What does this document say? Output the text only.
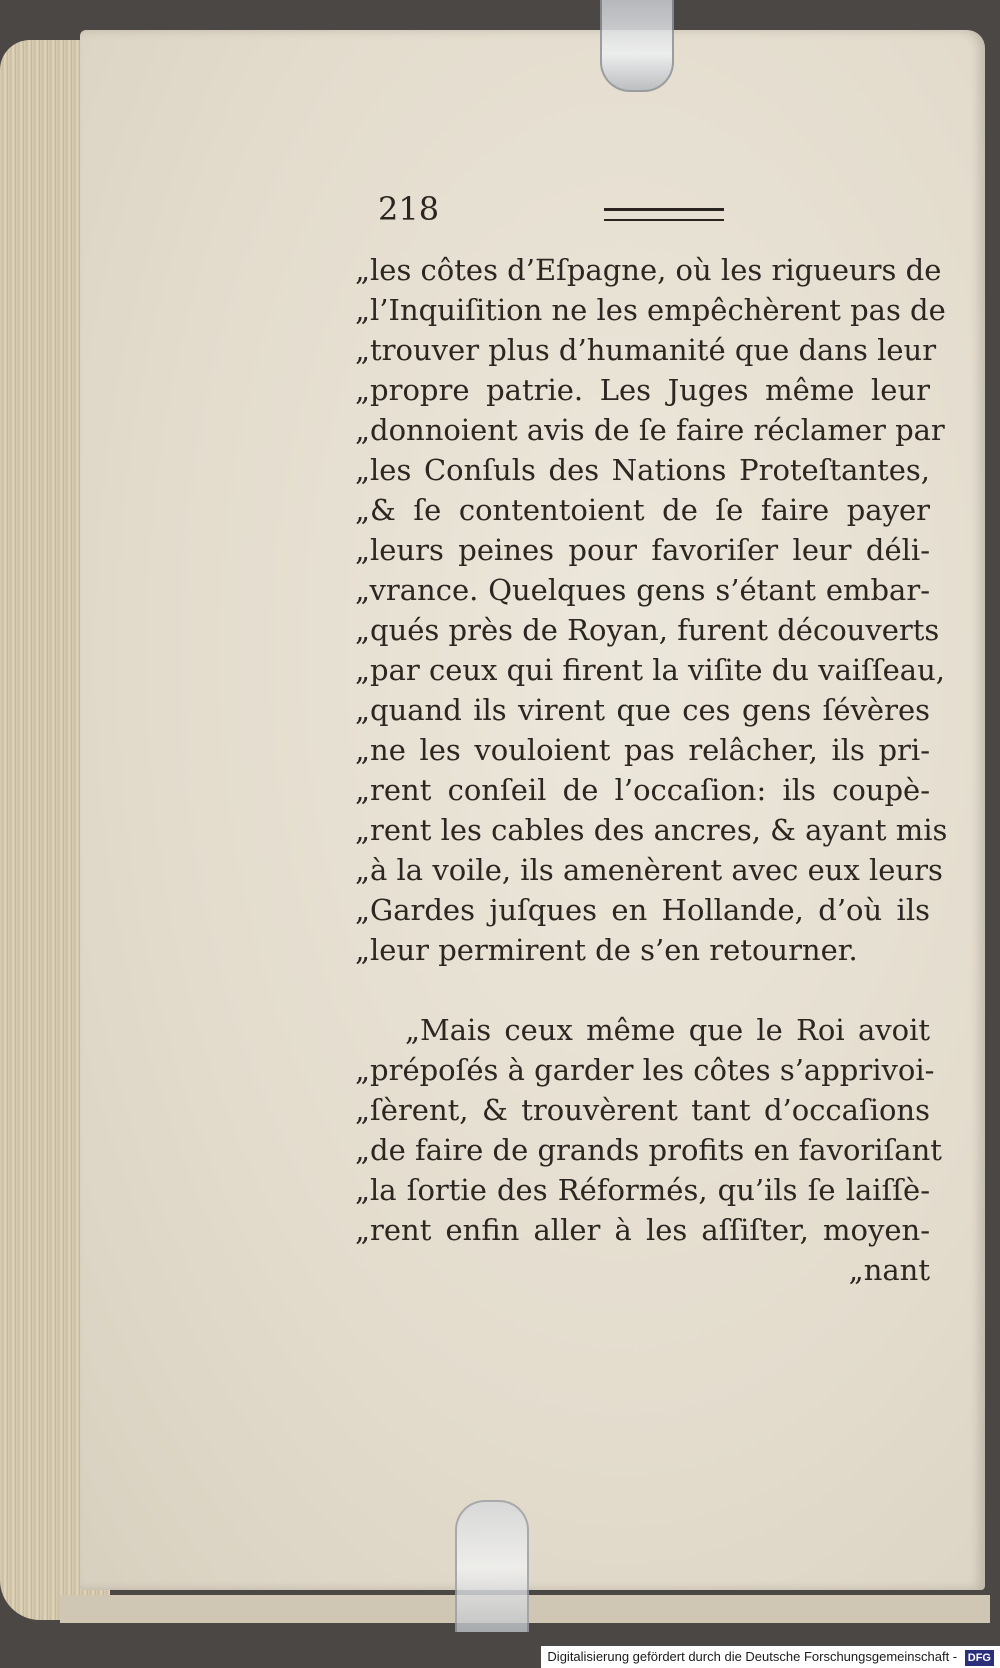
218
„les côtes d’Eſpagne, où les rigueurs de
„l’Inquiſition ne les empêchèrent pas de
„trouver plus d’humanité que dans leur
„propre patrie. Les Juges même leur
„donnoient avis de ſe faire réclamer par
„les Conſuls des Nations Proteſtantes,
„& ſe contentoient de ſe faire payer
„leurs peines pour favoriſer leur déli-
„vrance. Quelques gens s’étant embar-
„qués près de Royan, furent découverts
„par ceux qui firent la viſite du vaiſſeau,
„quand ils virent que ces gens ſévères
„ne les vouloient pas relâcher, ils pri-
„rent conſeil de l’occaſion: ils coupè-
„rent les cables des ancres, & ayant mis
„à la voile, ils amenèrent avec eux leurs
„Gardes juſques en Hollande, d’où ils
„leur permirent de s’en retourner.
„Mais ceux même que le Roi avoit
„prépoſés à garder les côtes s’apprivoi-
„ſèrent, & trouvèrent tant d’occaſions
„de faire de grands profits en favoriſant
„la ſortie des Réformés, qu’ils ſe laiſſè-
„rent enfin aller à les aſſiſter, moyen-
„nant
Digitalisierung gefördert durch die Deutsche Forschungsgemeinschaft - DFG
